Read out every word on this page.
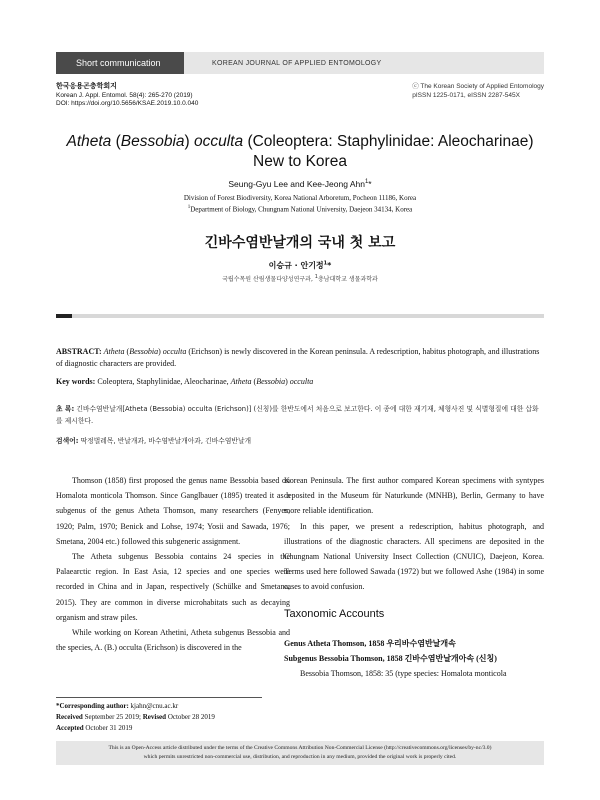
Short communication	KOREAN JOURNAL OF APPLIED ENTOMOLOGY
한국응용곤충학회지
Korean J. Appl. Entomol. 58(4): 265-270 (2019)
DOI: https://doi.org/10.5656/KSAE.2019.10.0.040
ⓒ The Korean Society of Applied Entomology
pISSN 1225-0171, eISSN 2287-545X
Atheta (Bessobia) occulta (Coleoptera: Staphylinidae: Aleocharinae)
New to Korea
Seung-Gyu Lee and Kee-Jeong Ahn$^1$*
Division of Forest Biodiversity, Korea National Arboretum, Pocheon 11186, Korea
$^1$Department of Biology, Chungnam National University, Daejeon 34134, Korea
긴바수염반날개의 국내 첫 보고
이승규 · 안기정$^1$*
국립수목원 산림생물다양성연구과, $^1$충남대학교 생물과학과
ABSTRACT: Atheta (Bessobia) occulta (Erichson) is newly discovered in the Korean peninsula. A redescription, habitus photograph, and illustrations of diagnostic characters are provided.
Key words: Coleoptera, Staphylinidae, Aleocharinae, Atheta (Bessobia) occulta
초 록: 긴바수염반날개[Atheta (Bessobia) occulta (Erichson)] (신칭)를 한반도에서 처음으로 보고한다. 이 종에 대한 재기재, 체형사진 및 식별형질에 대한 삽화를 제시한다.
검색어: 딱정벌레목, 반날개과, 바수염반날개아과, 긴바수염반날개

Thomson (1858) first proposed the genus name Bessobia based on Homalota monticola Thomson. Since Ganglbauer (1895) treated it as a subgenus of the genus Atheta Thomson, many researchers (Fenyes, 1920; Palm, 1970; Benick and Lohse, 1974; Yosii and Sawada, 1976; Smetana, 2004 etc.) followed this subgeneric assignment.

The Atheta subgenus Bessobia contains 24 species in the Palaearctic region. In East Asia, 12 species and one species were recorded in China and in Japan, respectively (Schülke and Smetana, 2015). They are common in diverse microhabitats such as decaying organism and straw piles.

While working on Korean Athetini, Atheta subgenus Bessobia and the species, A. (B.) occulta (Erichson) is discovered in the

Korean Peninsula. The first author compared Korean specimens with syntypes deposited in the Museum für Naturkunde (MNHB), Berlin, Germany to have more reliable identification.

In this paper, we present a redescription, habitus photograph, and illustrations of the diagnostic characters. All specimens are deposited in the Chungnam National University Insect Collection (CNUIC), Daejeon, Korea. Terms used here followed Sawada (1972) but we followed Ashe (1984) in some cases to avoid confusion.

Taxonomic Accounts

Genus Atheta Thomson, 1858 우리바수염반날개속

Subgenus Bessobia Thomson, 1858 긴바수염반날개아속 (신칭)

Bessobia Thomson, 1858: 35 (type species: Homalota monticola

*Corresponding author: kjahn@cnu.ac.kr
Received September 25 2019; Revised October 28 2019
Accepted October 31 2019
This is an Open-Access article distributed under the terms of the Creative Commons Attribution Non-Commercial License (http://creativecommons.org/licenses/by-nc/3.0)
which permits unrestricted non-commercial use, distribution, and reproduction in any medium, provided the original work is properly cited.
